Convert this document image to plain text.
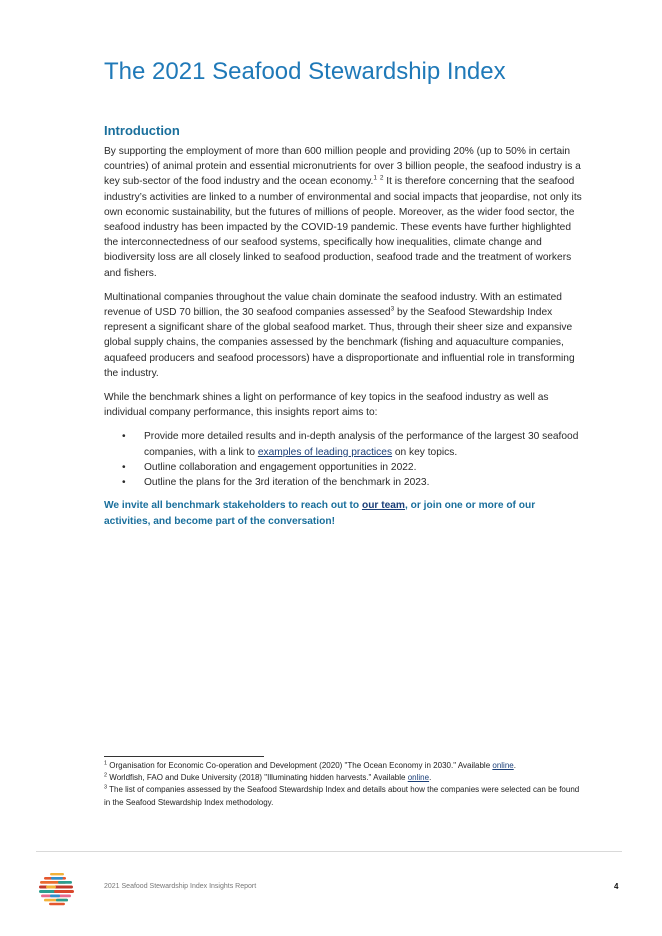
The 2021 Seafood Stewardship Index
Introduction

By supporting the employment of more than 600 million people and providing 20% (up to 50% in certain countries) of animal protein and essential micronutrients for over 3 billion people, the seafood industry is a key sub-sector of the food industry and the ocean economy.$^1$ $^2$ It is therefore concerning that the seafood industry’s activities are linked to a number of environmental and social impacts that jeopardise, not only its own economic sustainability, but the futures of millions of people. Moreover, as the wider food sector, the seafood industry has been impacted by the COVID-19 pandemic. These events have further highlighted the interconnectedness of our seafood systems, specifically how inequalities, climate change and biodiversity loss are all closely linked to seafood production, seafood trade and the treatment of workers and fishers.

Multinational companies throughout the value chain dominate the seafood industry. With an estimated revenue of USD 70 billion, the 30 seafood companies assessed$^3$ by the Seafood Stewardship Index represent a significant share of the global seafood market. Thus, through their sheer size and expansive global supply chains, the companies assessed by the benchmark (fishing and aquaculture companies, aquafeed producers and seafood processors) have a disproportionate and influential role in transforming the industry.

While the benchmark shines a light on performance of key topics in the seafood industry as well as individual company performance, this insights report aims to:

• Provide more detailed results and in-depth analysis of the performance of the largest 30 seafood companies, with a link to examples of leading practices on key topics.
• Outline collaboration and engagement opportunities in 2022.
• Outline the plans for the 3rd iteration of the benchmark in 2023.

We invite all benchmark stakeholders to reach out to our team, or join one or more of our activities, and become part of the conversation!

$^1$ Organisation for Economic Co-operation and Development (2020) "The Ocean Economy in 2030." Available online.

$^2$ Worldfish, FAO and Duke University (2018) "Illuminating hidden harvests." Available online.

$^3$ The list of companies assessed by the Seafood Stewardship Index and details about how the companies were selected can be found in the Seafood Stewardship Index methodology.

2021 Seafood Stewardship Index Insights Report	4
